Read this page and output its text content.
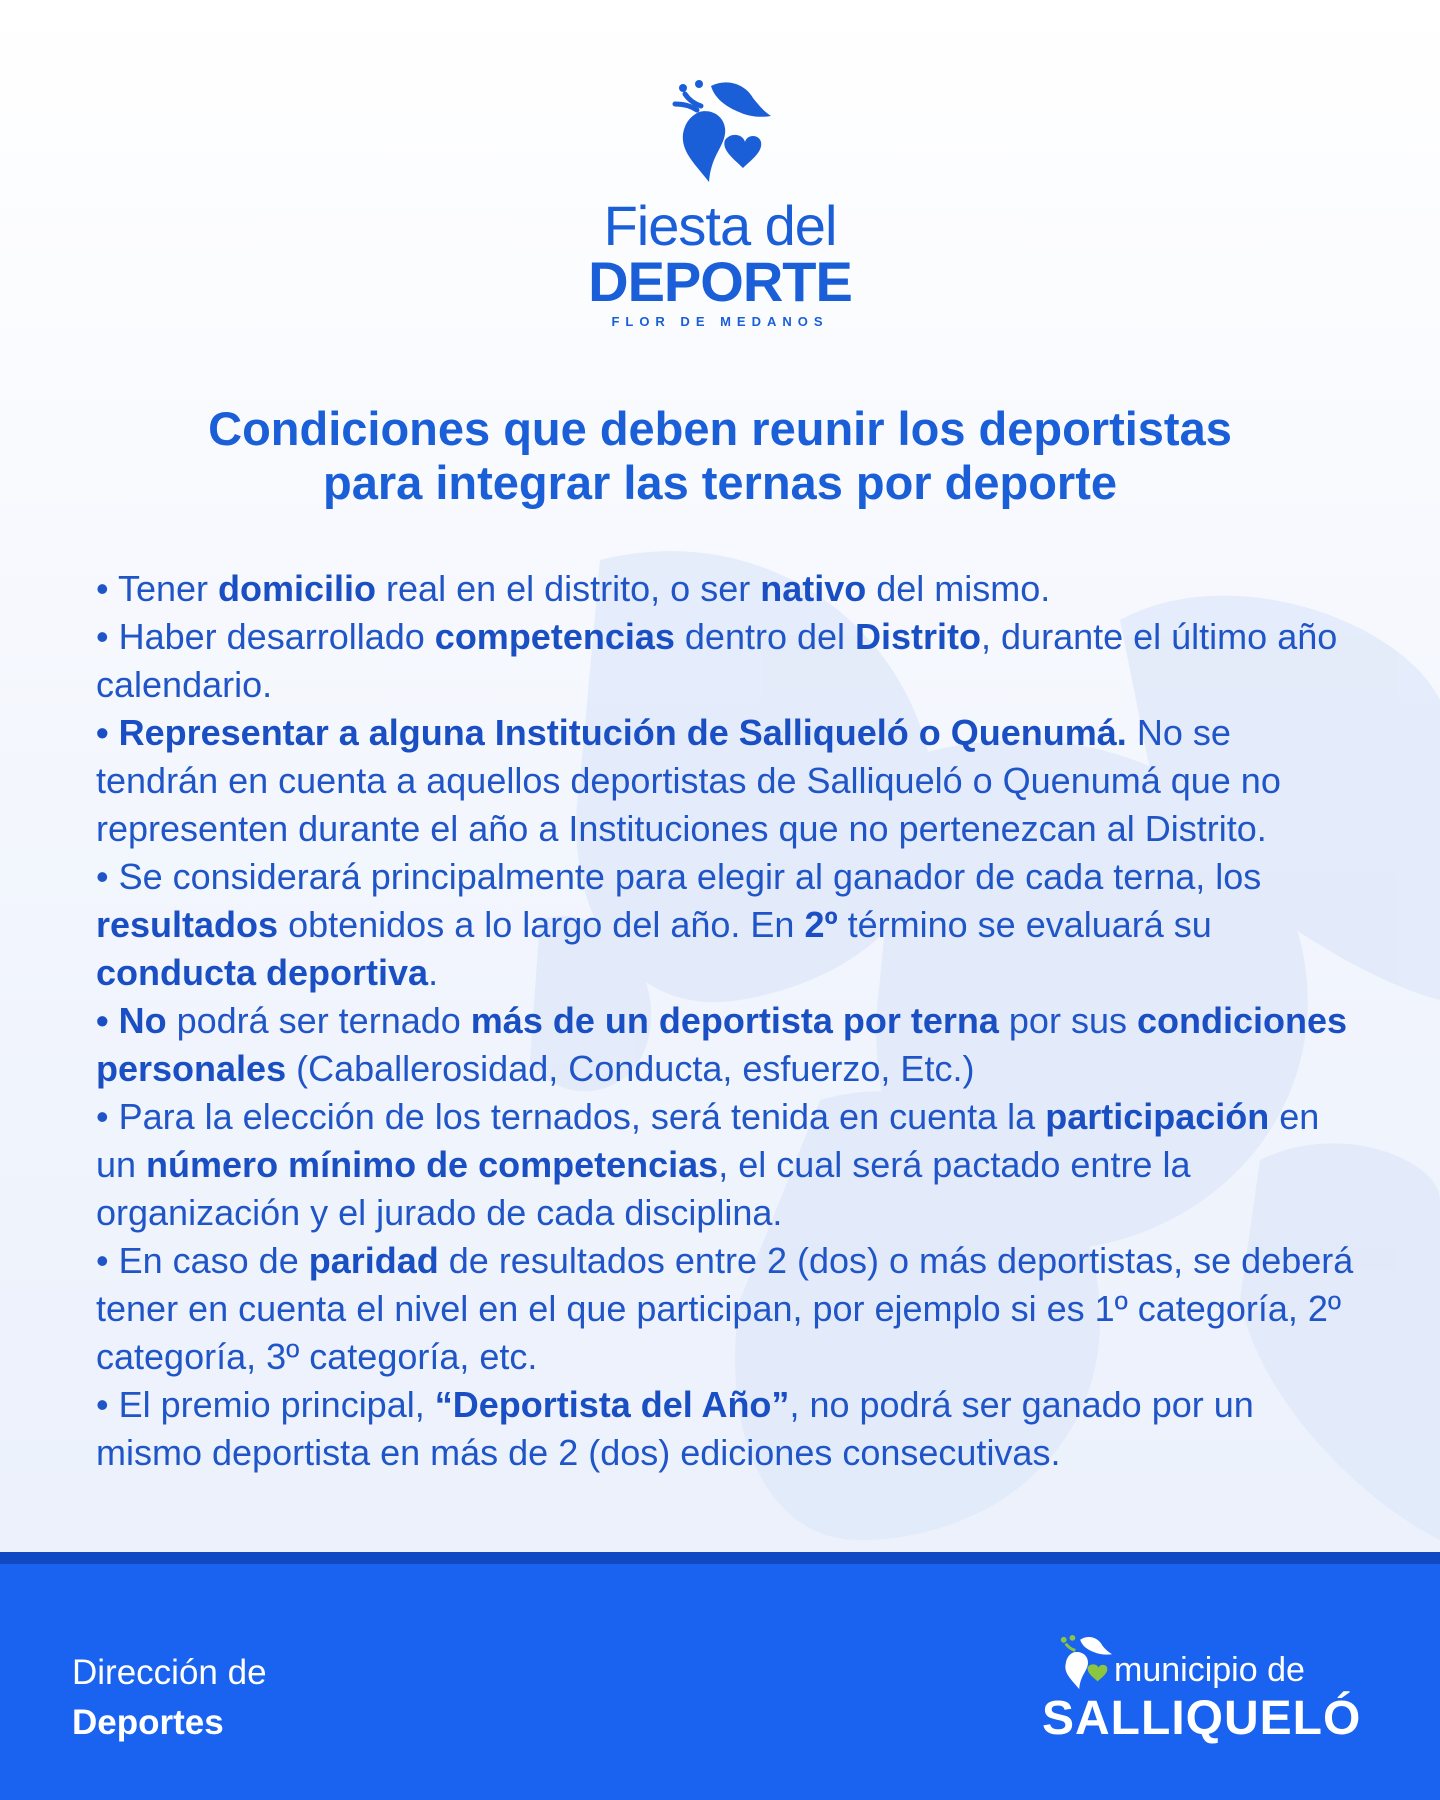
Fiesta del
DEPORTE
FLOR DE MEDANOS
Condiciones que deben reunir los deportistas
para integrar las ternas por deporte
• Tener domicilio real en el distrito, o ser nativo del mismo.
• Haber desarrollado competencias dentro del Distrito, durante el último año calendario.
• Representar a alguna Institución de Salliqueló o Quenumá. No se tendrán en cuenta a aquellos deportistas de Salliqueló o Quenumá que no representen durante el año a Instituciones que no pertenezcan al Distrito.
• Se considerará principalmente para elegir al ganador de cada terna, los resultados obtenidos a lo largo del año. En 2º término se evaluará su conducta deportiva.
• No podrá ser ternado más de un deportista por terna por sus condiciones personales (Caballerosidad, Conducta, esfuerzo, Etc.)
• Para la elección de los ternados, será tenida en cuenta la participación en un número mínimo de competencias, el cual será pactado entre la organización y el jurado de cada disciplina.
• En caso de paridad de resultados entre 2 (dos) o más deportistas, se deberá tener en cuenta el nivel en el que participan, por ejemplo si es 1º categoría, 2º categoría, 3º categoría, etc.
• El premio principal, “Deportista del Año”, no podrá ser ganado por un mismo deportista en más de 2 (dos) ediciones consecutivas.
Dirección de
Deportes
municipio de
SALLIQUELÓ
